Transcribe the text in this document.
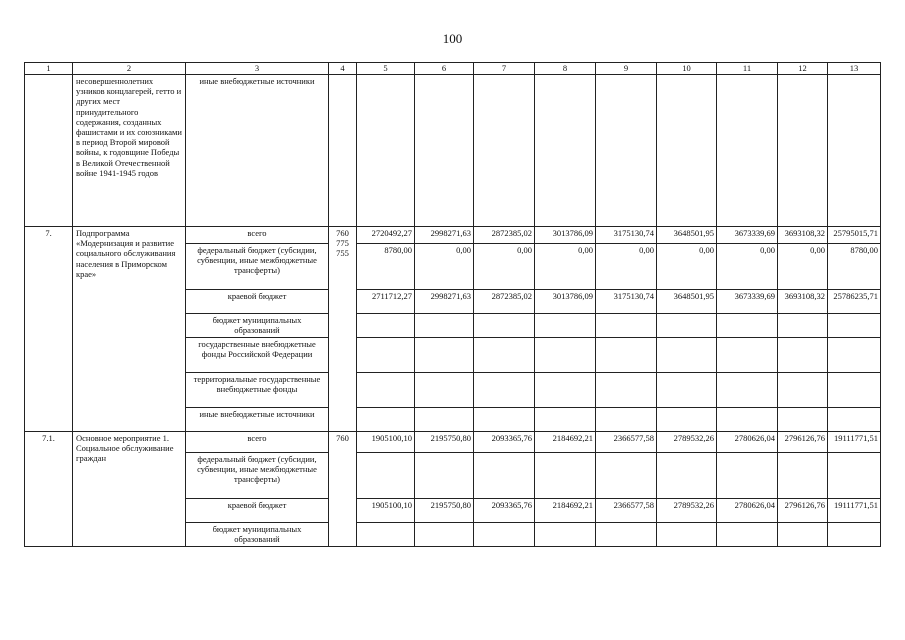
100
1	2	3	4	5	6	7	8	9	10	11	12	13
	несовершеннолетних узников концлагерей, гетто и других мест принудительного содержания, созданных фашистами и их союзниками в период Второй мировой войны, к годовщине Победы в Великой Отечественной войне 1941-1945 годов	иные внебюджетные источники										
7.	Подпрограмма «Модернизация и развитие социального обслуживания населения в Приморском крае»	всего	760 775 755	2720492,27	2998271,63	2872385,02	3013786,09	3175130,74	3648501,95	3673339,69	3693108,32	25795015,71
		федеральный бюджет (субсидии, субвенции, иные межбюджетные трансферты)		8780,00	0,00	0,00	0,00	0,00	0,00	0,00	0,00	8780,00
		краевой бюджет		2711712,27	2998271,63	2872385,02	3013786,09	3175130,74	3648501,95	3673339,69	3693108,32	25786235,71
		бюджет муниципальных образований										
		государственные внебюджетные фонды Российской Федерации										
		территориальные государственные внебюджетные фонды										
		иные внебюджетные источники										
7.1.	Основное мероприятие 1. Социальное обслуживание граждан	всего	760	1905100,10	2195750,80	2093365,76	2184692,21	2366577,58	2789532,26	2780626,04	2796126,76	19111771,51
		федеральный бюджет (субсидии, субвенции, иные межбюджетные трансферты)										
		краевой бюджет		1905100,10	2195750,80	2093365,76	2184692,21	2366577,58	2789532,26	2780626,04	2796126,76	19111771,51
		бюджет муниципальных образований										
